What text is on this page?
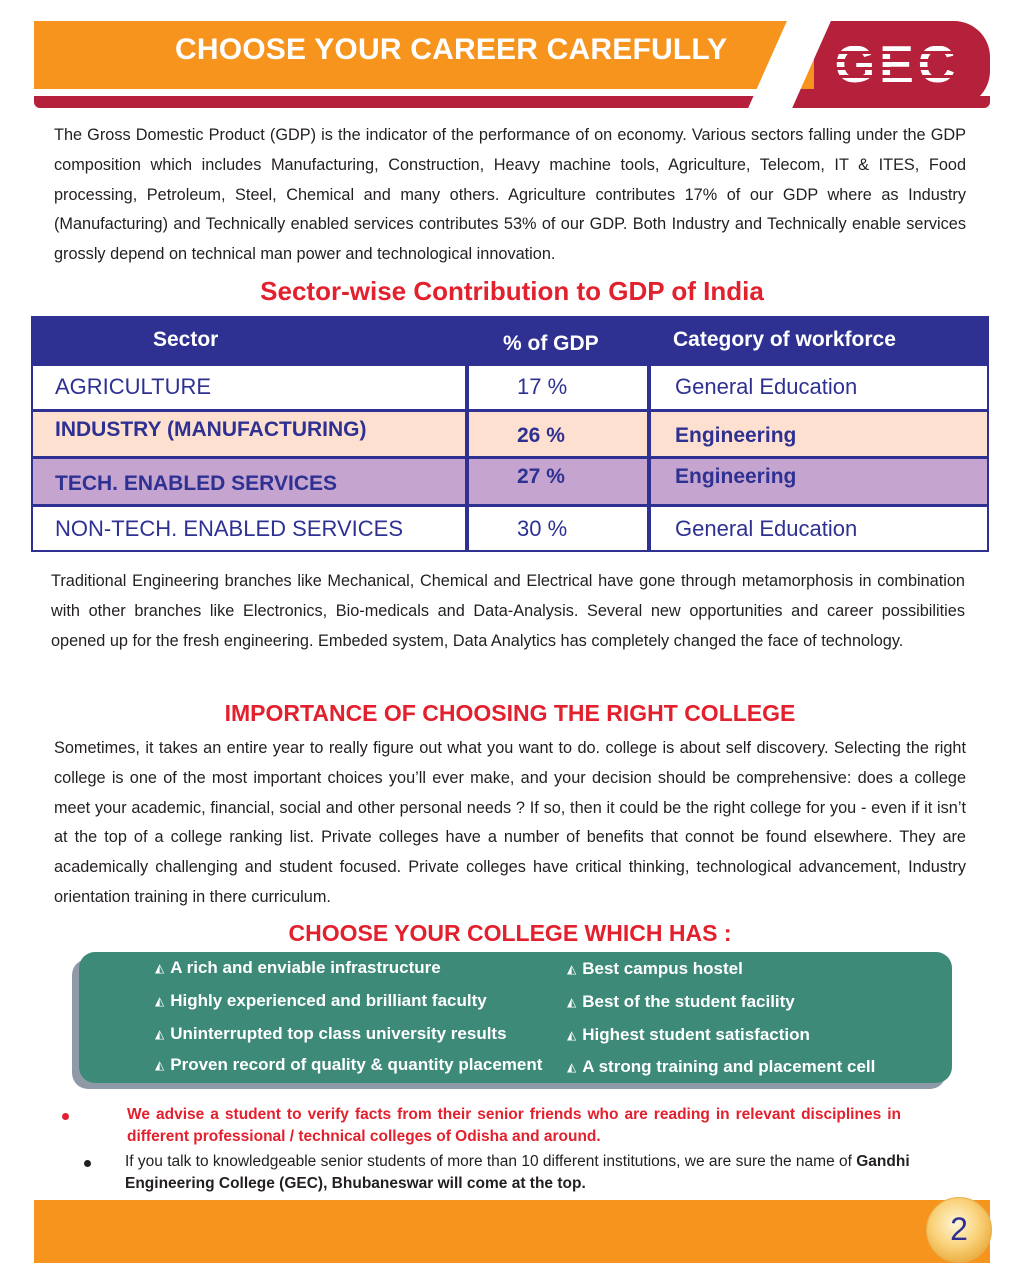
CHOOSE YOUR CAREER CAREFULLY GEC

The Gross Domestic Product (GDP) is the indicator of the performance of on economy. Various sectors falling under the GDP composition which includes Manufacturing, Construction, Heavy machine tools, Agriculture, Telecom, IT & ITES, Food processing, Petroleum, Steel, Chemical and many others. Agriculture contributes 17% of our GDP where as Industry (Manufacturing) and Technically enabled services contributes 53% of our GDP. Both Industry and Technically enable services grossly depend on technical man power and technological innovation.

Sector-wise Contribution to GDP of India
Sector	% of GDP	Category of workforce
AGRICULTURE	17 %	General Education
INDUSTRY (MANUFACTURING)	26 %	Engineering
TECH. ENABLED SERVICES	27 %	Engineering
NON-TECH. ENABLED SERVICES	30 %	General Education

Traditional Engineering branches like Mechanical, Chemical and Electrical have gone through metamorphosis in combination with other branches like Electronics, Bio-medicals and Data-Analysis. Several new opportunities and career possibilities opened up for the fresh engineering. Embeded system, Data Analytics has completely changed the face of technology.

IMPORTANCE OF CHOOSING THE RIGHT COLLEGE

Sometimes, it takes an entire year to really figure out what you want to do. college is about self discovery. Selecting the right college is one of the most important choices you’ll ever make, and your decision should be comprehensive: does a college meet your academic, financial, social and other personal needs ? If so, then it could be the right college for you - even if it isn’t at the top of a college ranking list. Private colleges have a number of benefits that connot be found elsewhere. They are academically challenging and student focused. Private colleges have critical thinking, technological advancement, Industry orientation training in there curriculum.

CHOOSE YOUR COLLEGE WHICH HAS :
◭ A rich and enviable infrastructure
◭ Highly experienced and brilliant faculty
◭ Uninterrupted top class university results
◭ Proven record of quality & quantity placement
◭ Best campus hostel
◭ Best of the student facility
◭ Highest student satisfaction
◭ A strong training and placement cell

We advise a student to verify facts from their senior friends who are reading in relevant disciplines in different professional / technical colleges of Odisha and around.

If you talk to knowledgeable senior students of more than 10 different institutions, we are sure the name of Gandhi Engineering College (GEC), Bhubaneswar will come at the top.

2
